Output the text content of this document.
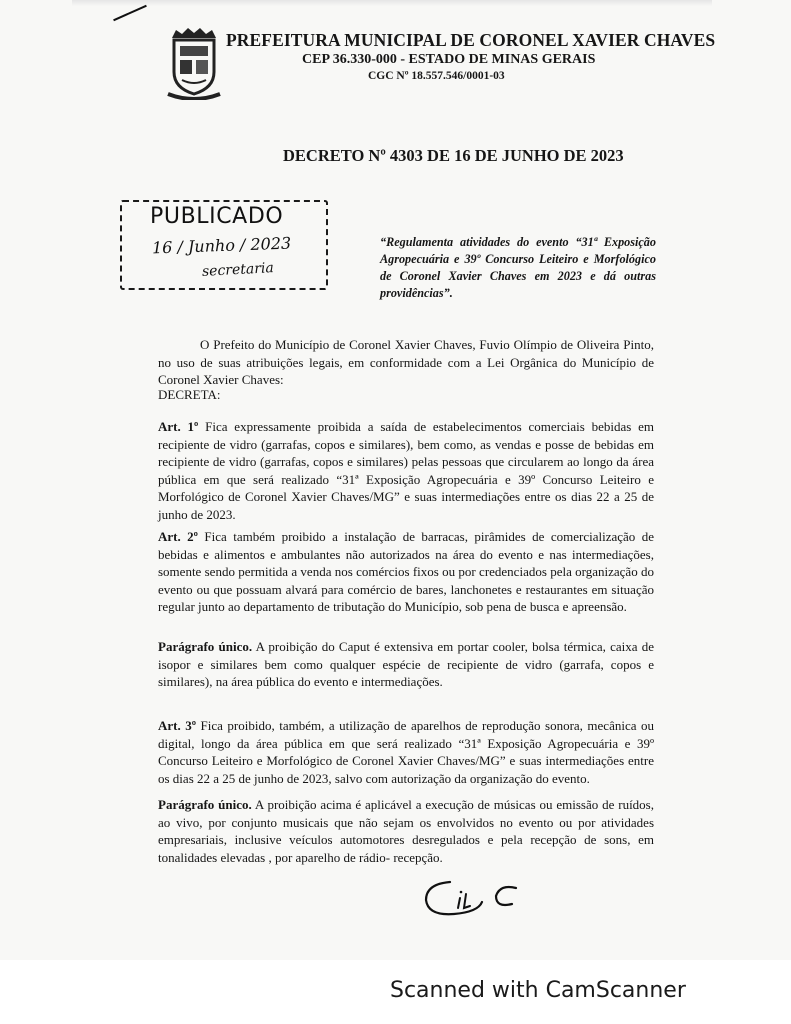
PREFEITURA MUNICIPAL DE CORONEL XAVIER CHAVES
CEP 36.330-000 - ESTADO DE MINAS GERAIS
CGC Nº 18.557.546/0001-03
DECRETO Nº 4303 DE 16 DE JUNHO DE 2023
PUBLICADO
16 / Junho / 2023
secretaria
“Regulamenta atividades do evento “31ª Exposição Agropecuária e 39º Concurso Leiteiro e Morfológico de Coronel Xavier Chaves em 2023 e dá outras providências”.
O Prefeito do Município de Coronel Xavier Chaves, Fuvio Olímpio de Oliveira Pinto, no uso de suas atribuições legais, em conformidade com a Lei Orgânica do Município de Coronel Xavier Chaves:
DECRETA:
Art. 1º Fica expressamente proibida a saída de estabelecimentos comerciais bebidas em recipiente de vidro (garrafas, copos e similares), bem como, as vendas e posse de bebidas em recipiente de vidro (garrafas, copos e similares) pelas pessoas que circularem ao longo da área pública em que será realizado “31ª Exposição Agropecuária e 39º Concurso Leiteiro e Morfológico de Coronel Xavier Chaves/MG” e suas intermediações entre os dias 22 a 25 de junho de 2023.
Art. 2º Fica também proibido a instalação de barracas, pirâmides de comercialização de bebidas e alimentos e ambulantes não autorizados na área do evento e nas intermediações, somente sendo permitida a venda nos comércios fixos ou por credenciados pela organização do evento ou que possuam alvará para comércio de bares, lanchonetes e restaurantes em situação regular junto ao departamento de tributação do Município, sob pena de busca e apreensão.
Parágrafo único. A proibição do Caput é extensiva em portar cooler, bolsa térmica, caixa de isopor e similares bem como qualquer espécie de recipiente de vidro (garrafa, copos e similares), na área pública do evento e intermediações.
Art. 3º Fica proibido, também, a utilização de aparelhos de reprodução sonora, mecânica ou digital, longo da área pública em que será realizado “31ª Exposição Agropecuária e 39º Concurso Leiteiro e Morfológico de Coronel Xavier Chaves/MG” e suas intermediações entre os dias 22 a 25 de junho de 2023, salvo com autorização da organização do evento.
Parágrafo único. A proibição acima é aplicável a execução de músicas ou emissão de ruídos, ao vivo, por conjunto musicais que não sejam os envolvidos no evento ou por atividades empresariais, inclusive veículos automotores desregulados e pela recepção de sons, em tonalidades elevadas , por aparelho de rádio- recepção.
Scanned with CamScanner
